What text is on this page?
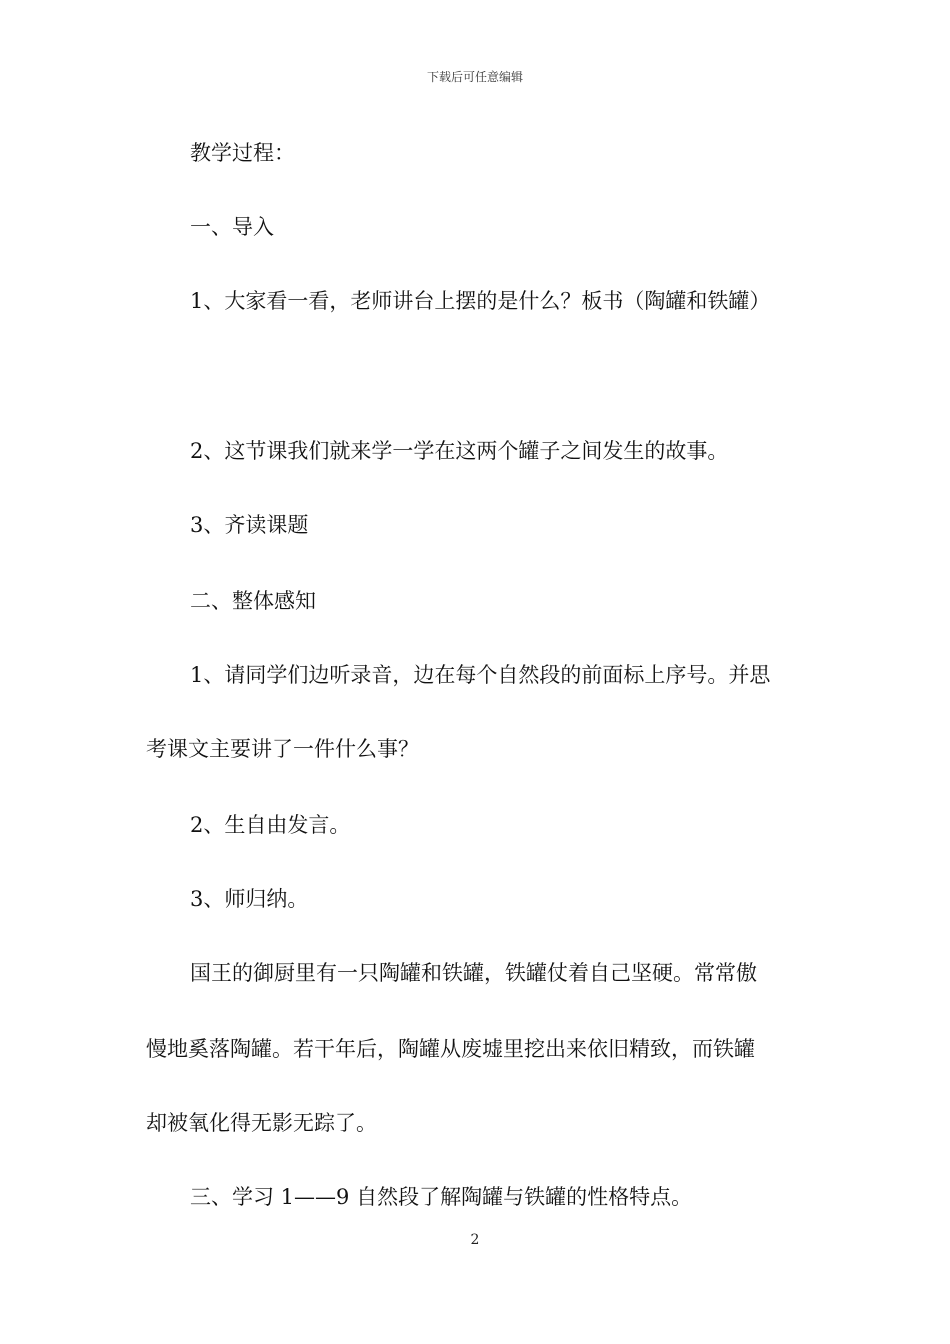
下载后可任意编辑
教学过程：
一、导入
1、大家看一看，老师讲台上摆的是什么？板书（陶罐和铁罐）
2、这节课我们就来学一学在这两个罐子之间发生的故事。
3、齐读课题
二、整体感知
1、请同学们边听录音，边在每个自然段的前面标上序号。并思
考课文主要讲了一件什么事？
2、生自由发言。
3、师归纳。
国王的御厨里有一只陶罐和铁罐，铁罐仗着自己坚硬。常常傲
慢地奚落陶罐。若干年后，陶罐从废墟里挖出来依旧精致，而铁罐
却被氧化得无影无踪了。
三、学习 1——9 自然段了解陶罐与铁罐的性格特点。
2
